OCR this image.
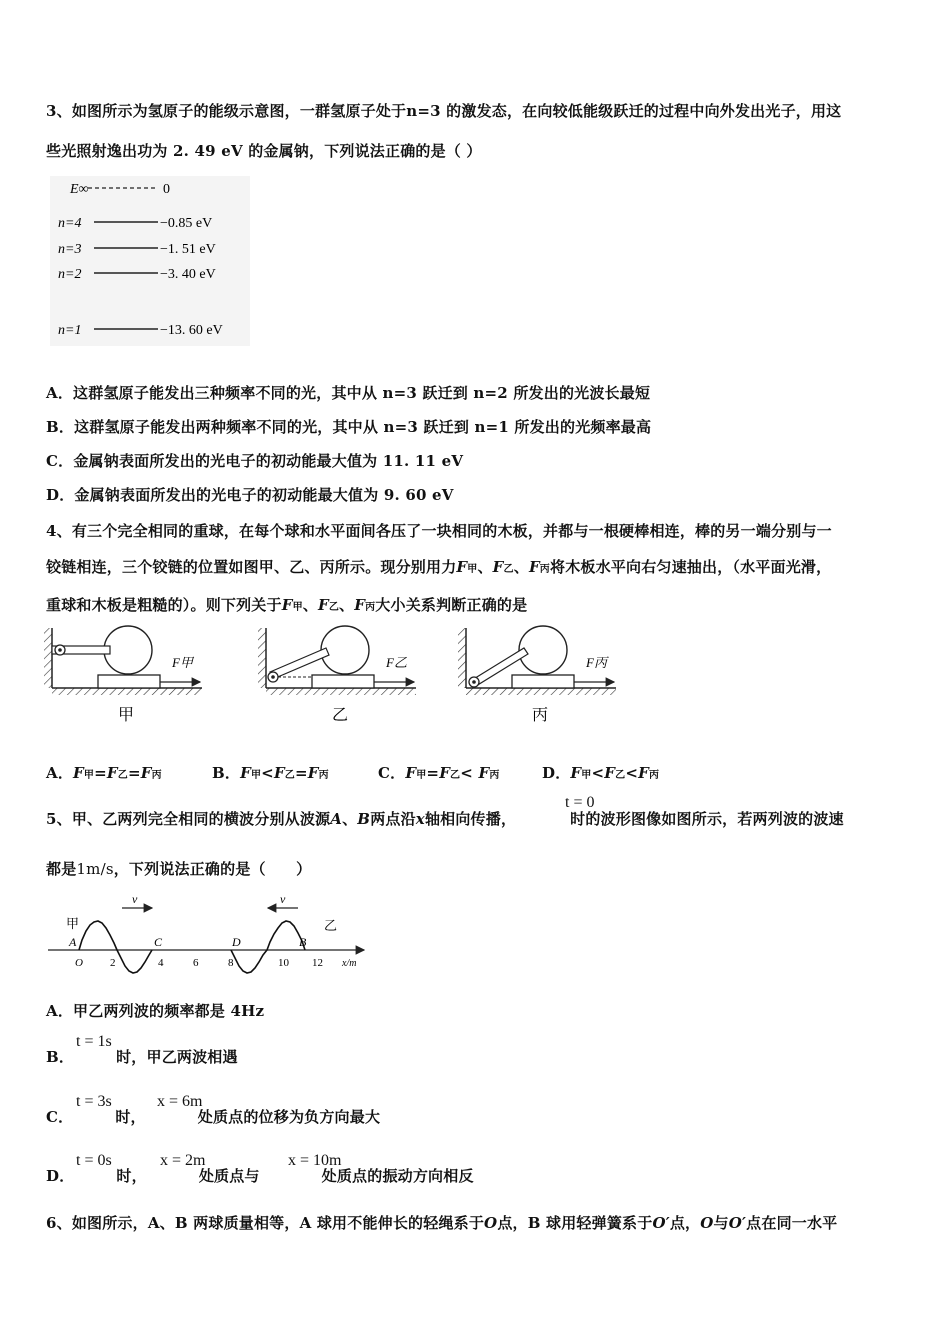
3、如图所示为氢原子的能级示意图，一群氢原子处于n=3 的激发态，在向较低能级跃迁的过程中向外发出光子，用这
些光照射逸出功为 2. 49 eV 的金属钠，下列说法正确的是（ ）
E∞	0
n=4	−0.85 eV
n=3	−1. 51 eV
n=2	−3. 40 eV
n=1	−13. 60 eV
A．这群氢原子能发出三种频率不同的光，其中从 n=3 跃迁到 n=2 所发出的光波长最短
B．这群氢原子能发出两种频率不同的光，其中从 n=3 跃迁到 n=1 所发出的光频率最高
C．金属钠表面所发出的光电子的初动能最大值为 11. 11 eV
D．金属钠表面所发出的光电子的初动能最大值为 9. 60 eV
4、有三个完全相同的重球，在每个球和水平面间各压了一块相同的木板，并都与一根硬棒相连，棒的另一端分别与一
铰链相连，三个铰链的位置如图甲、乙、丙所示。现分别用力F甲、F乙、F丙将木板水平向右匀速抽出，（水平面光滑，
重球和木板是粗糙的）。则下列关于F甲、F乙、F丙大小关系判断正确的是
F甲
甲
F乙
乙
F丙
丙
A．F甲=F乙=F丙	B．F甲<F乙=F丙	C．F甲=F乙< F丙	D．F甲<F乙<F丙
5、甲、乙两列完全相同的横波分别从波源A、B两点沿x轴相向传播，	时的波形图像如图所示，若两列波的波速
t = 0
都是1m/s，下列说法正确的是（　　）
v	v
甲	乙
A	C	D	B
O 2	4	6	8	10 12 x/m
A．甲乙两列波的频率都是 4Hz
B．	时，甲乙两波相遇
t = 1s
C．	时，	处质点的位移为负方向最大
t = 3s	x = 6m
D．	时，	处质点与	处质点的振动方向相反
t = 0s	x = 2m	x = 10m
6、如图所示，A、B 两球质量相等，A 球用不能伸长的轻绳系于O点，B 球用轻弹簧系于O′点，O与O′点在同一水平
